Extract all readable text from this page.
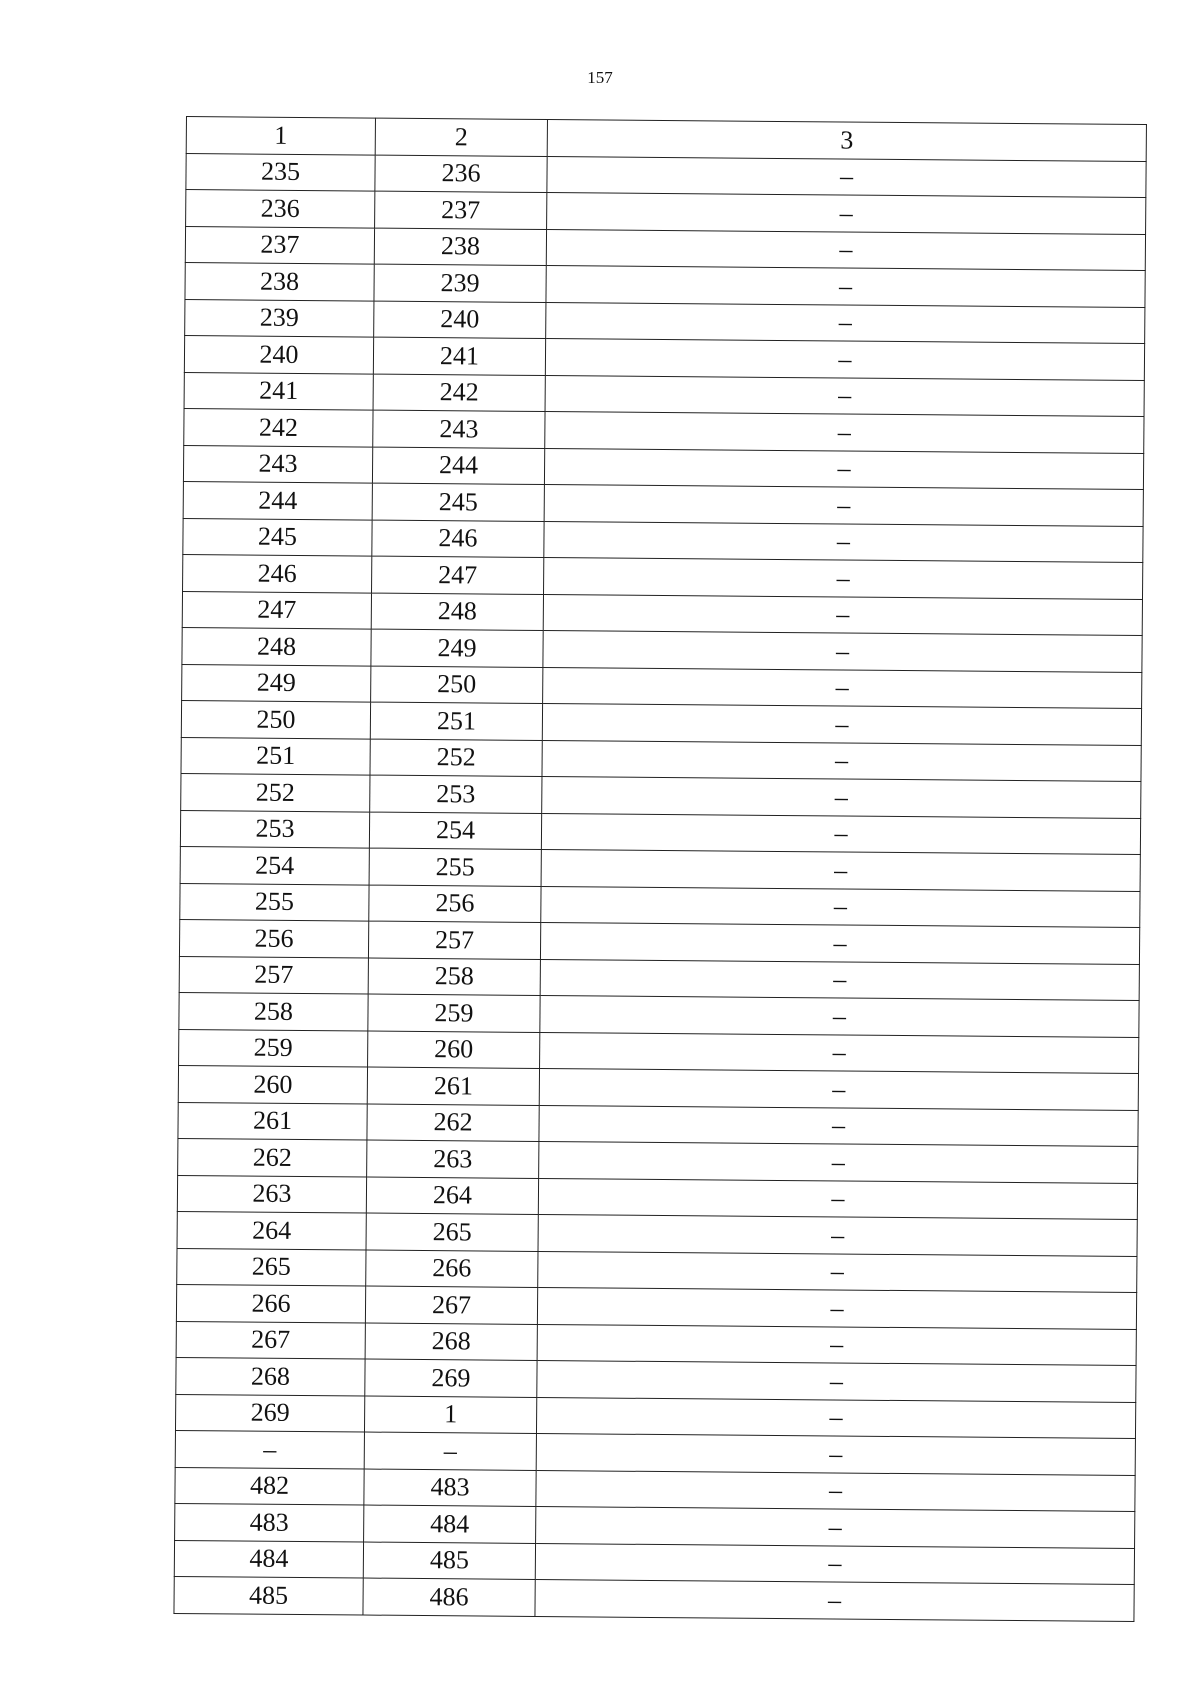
157
1	2	3
235	236	–
236	237	–
237	238	–
238	239	–
239	240	–
240	241	–
241	242	–
242	243	–
243	244	–
244	245	–
245	246	–
246	247	–
247	248	–
248	249	–
249	250	–
250	251	–
251	252	–
252	253	–
253	254	–
254	255	–
255	256	–
256	257	–
257	258	–
258	259	–
259	260	–
260	261	–
261	262	–
262	263	–
263	264	–
264	265	–
265	266	–
266	267	–
267	268	–
268	269	–
269	1	–
–	–	–
482	483	–
483	484	–
484	485	–
485	486	–
